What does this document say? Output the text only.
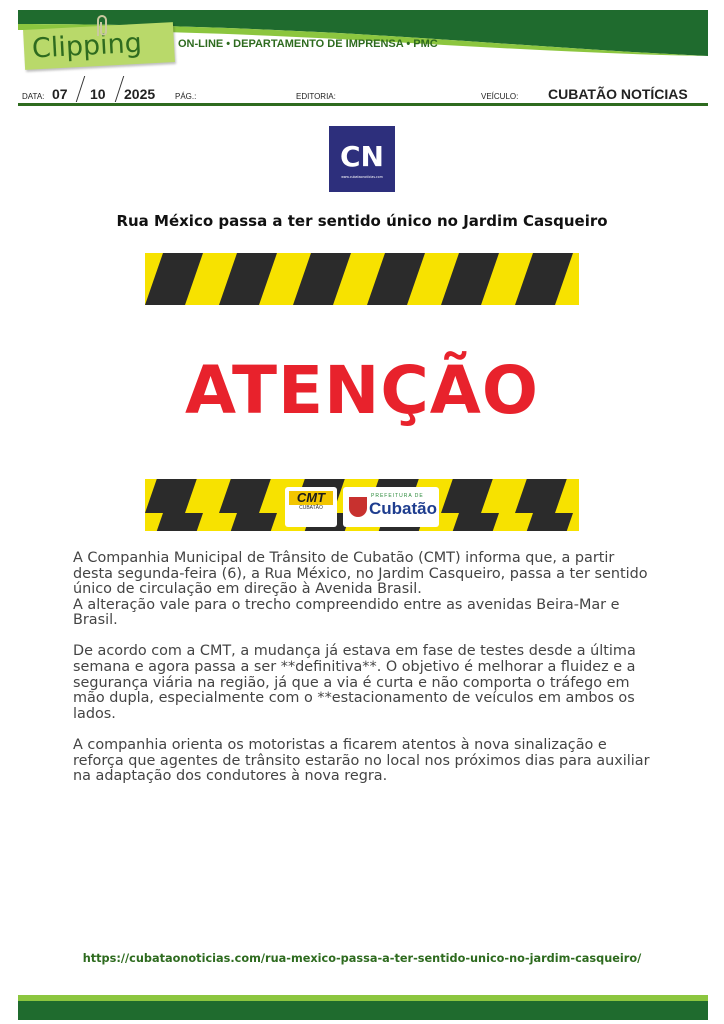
Clipping	ON-LINE • DEPARTAMENTO DE IMPRENSA • PMC
DATA: 07 10 2025 PÁG.:	EDITORIA:	VEÍCULO: CUBATÃO NOTÍCIAS
CN
www.cubataonoticias.com
Rua México passa a ter sentido único no Jardim Casqueiro
ATENÇÃO
CMT
CUBATÃO
PREFEITURA DE
Cubatão

A Companhia Municipal de Trânsito de Cubatão (CMT) informa que, a partir desta segunda-feira (6), a Rua México, no Jardim Casqueiro, passa a ter sentido único de circulação em direção à Avenida Brasil.
A alteração vale para o trecho compreendido entre as avenidas Beira-Mar e Brasil.

De acordo com a CMT, a mudança já estava em fase de testes desde a última semana e agora passa a ser **definitiva**. O objetivo é melhorar a fluidez e a segurança viária na região, já que a via é curta e não comporta o tráfego em mão dupla, especialmente com o **estacionamento de veículos em ambos os lados.

A companhia orienta os motoristas a ficarem atentos à nova sinalização e reforça que agentes de trânsito estarão no local nos próximos dias para auxiliar na adaptação dos condutores à nova regra.

https://cubataonoticias.com/rua-mexico-passa-a-ter-sentido-unico-no-jardim-casqueiro/
